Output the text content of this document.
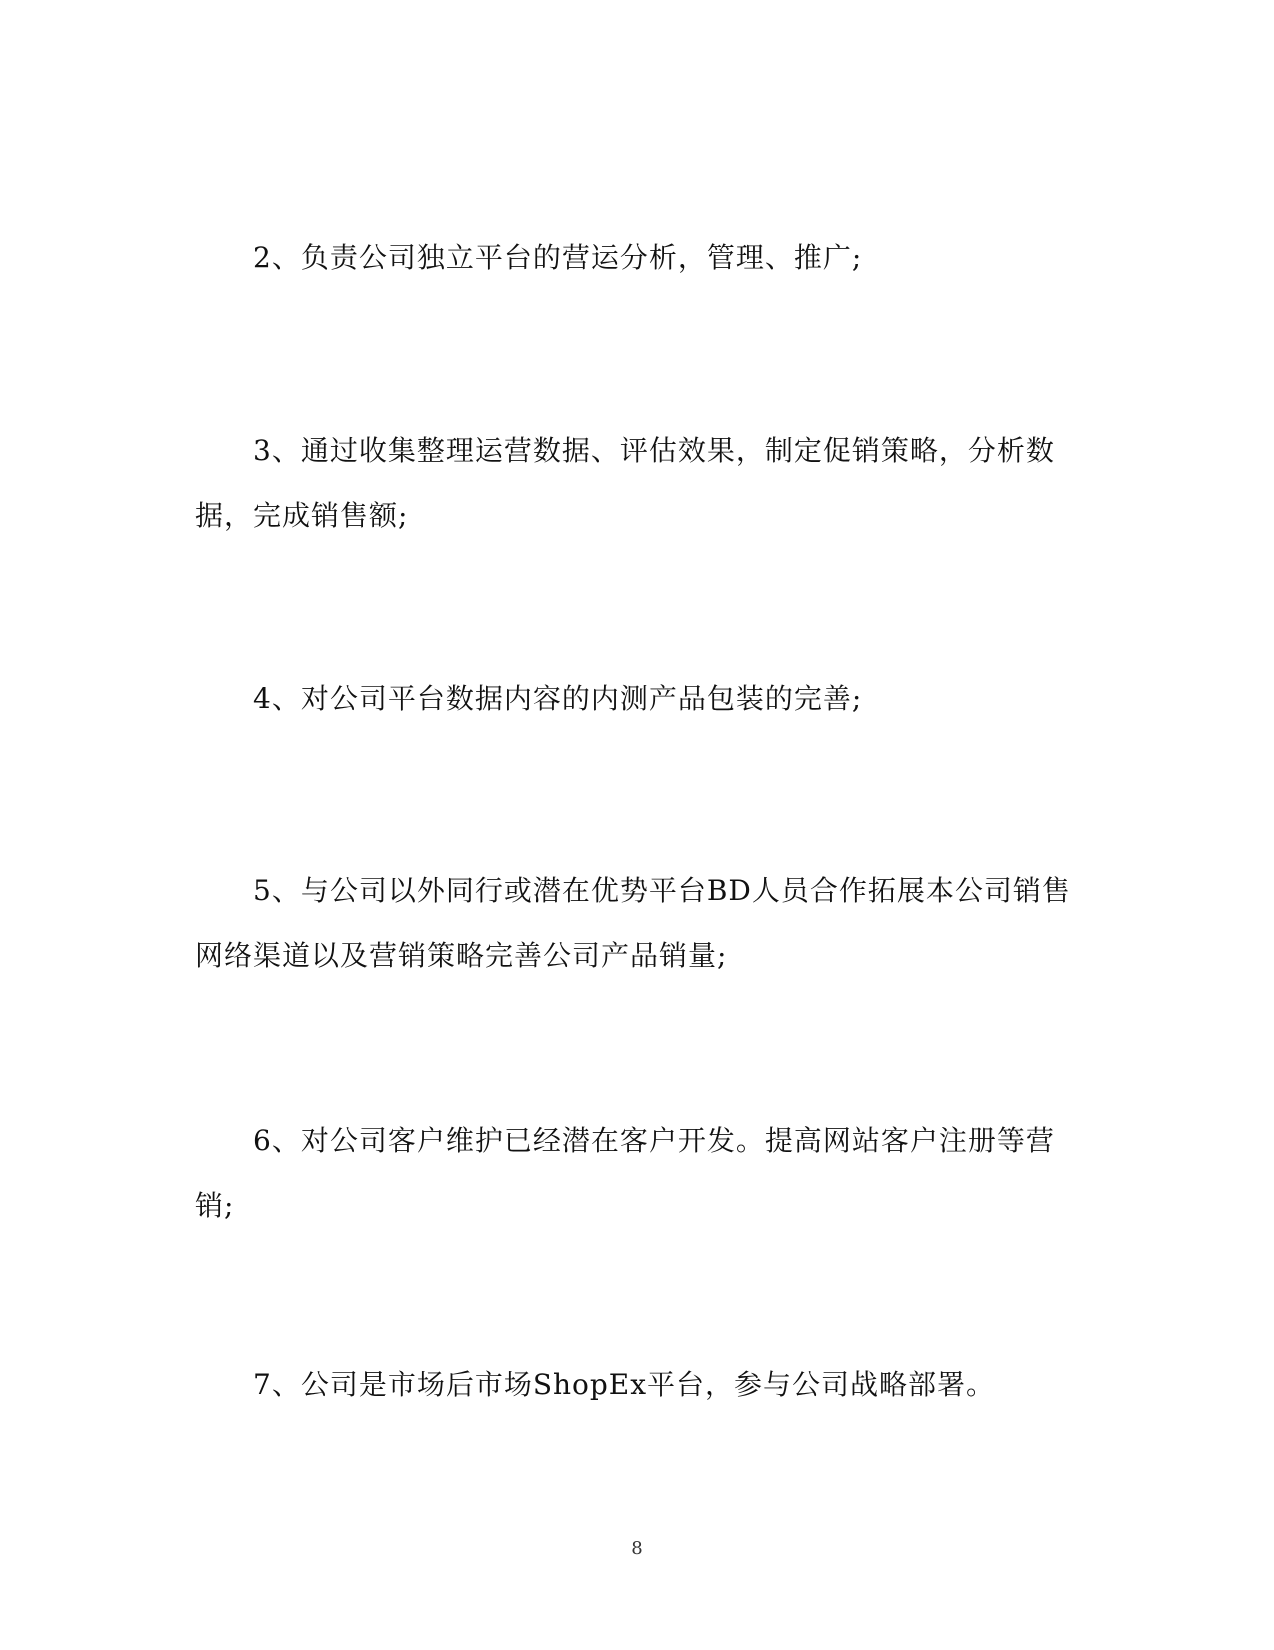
2、负责公司独立平台的营运分析，管理、推广;
3、通过收集整理运营数据、评估效果，制定促销策略，分析数
据，完成销售额;
4、对公司平台数据内容的内测产品包装的完善;
5、与公司以外同行或潜在优势平台BD人员合作拓展本公司销售
网络渠道以及营销策略完善公司产品销量;
6、对公司客户维护已经潜在客户开发。提高网站客户注册等营
销;
7、公司是市场后市场ShopEx平台，参与公司战略部署。
8
